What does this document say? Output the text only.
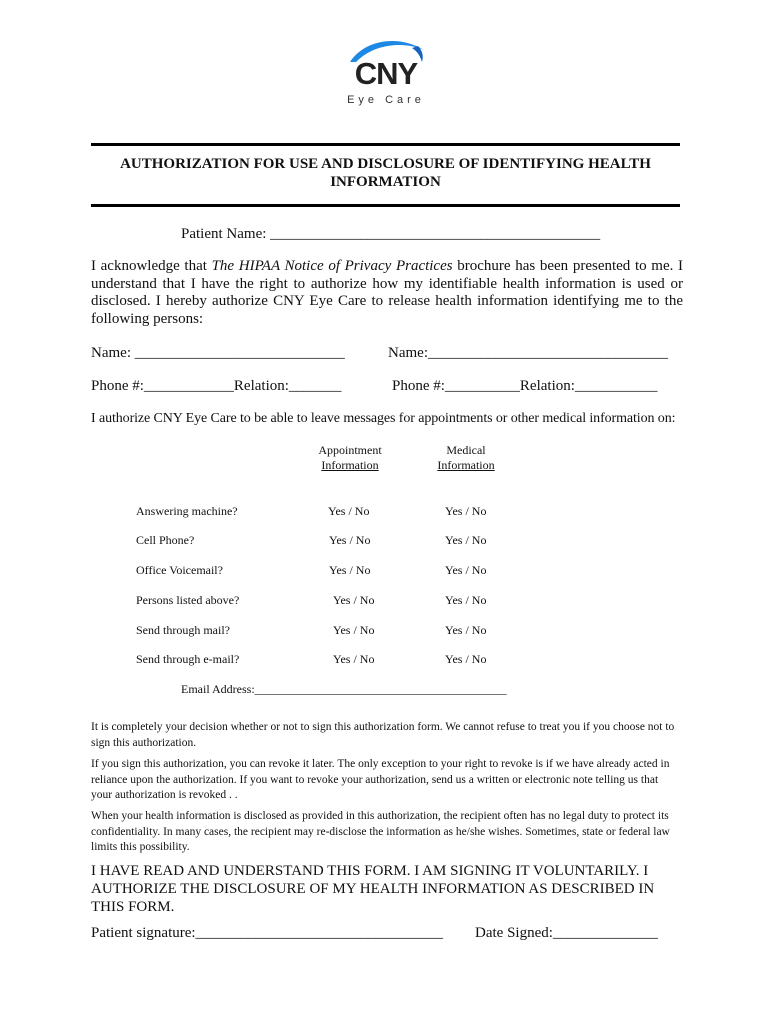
CNY
Eye Care
AUTHORIZATION FOR USE AND DISCLOSURE OF IDENTIFYING HEALTH INFORMATION
Patient Name: ____________________________________________
I acknowledge that The HIPAA Notice of Privacy Practices brochure has been presented to me. I understand that I have the right to authorize how my identifiable health information is used or disclosed. I hereby authorize CNY Eye Care to release health information identifying me to the following persons:
Name: ____________________________	Name:________________________________
Phone #:____________Relation:_______	Phone #:__________Relation:___________
I authorize CNY Eye Care to be able to leave messages for appointments or other medical information on:
Appointment
Information
Medical
Information
Answering machine?	Yes / No	Yes / No
Cell Phone?	Yes / No	Yes / No
Office Voicemail?	Yes / No	Yes / No
Persons listed above?	Yes / No	Yes / No
Send through mail?	Yes / No	Yes / No
Send through e-mail?	Yes / No	Yes / No
Email Address:__________________________________________
It is completely your decision whether or not to sign this authorization form. We cannot refuse to treat you if you choose not to sign this authorization.
If you sign this authorization, you can revoke it later. The only exception to your right to revoke is if we have already acted in reliance upon the authorization. If you want to revoke your authorization, send us a written or electronic note telling us that your authorization is revoked . .
When your health information is disclosed as provided in this authorization, the recipient often has no legal duty to protect its confidentiality. In many cases, the recipient may re-disclose the information as he/she wishes. Sometimes, state or federal law limits this possibility.
I HAVE READ AND UNDERSTAND THIS FORM. I AM SIGNING IT VOLUNTARILY. I AUTHORIZE THE DISCLOSURE OF MY HEALTH INFORMATION AS DESCRIBED IN THIS FORM.
Patient signature:_________________________________ Date Signed:______________
